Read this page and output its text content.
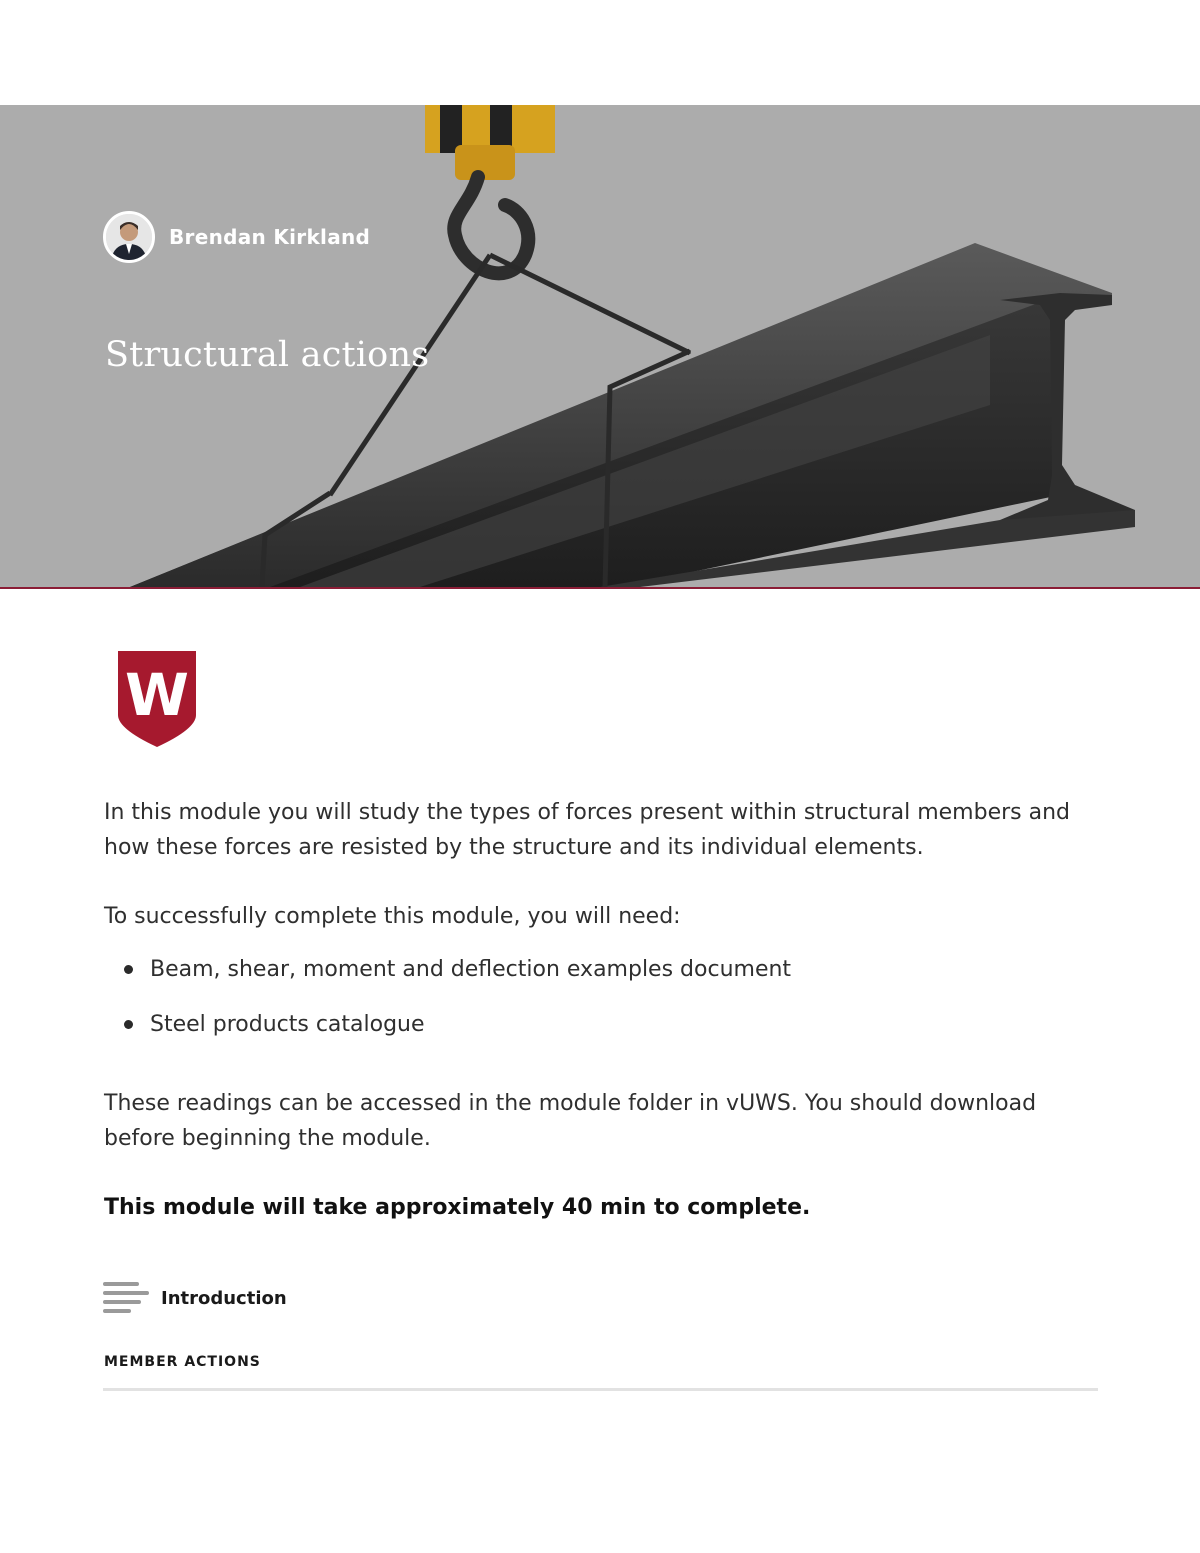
Brendan Kirkland
Structural actions
W

In this module you will study the types of forces present within structural members and how these forces are resisted by the structure and its individual elements.

To successfully complete this module, you will need:

Beam, shear, moment and deflection examples document
Steel products catalogue

These readings can be accessed in the module folder in vUWS. You should download before beginning the module.

This module will take approximately 40 min to complete.

Introduction
MEMBER ACTIONS
